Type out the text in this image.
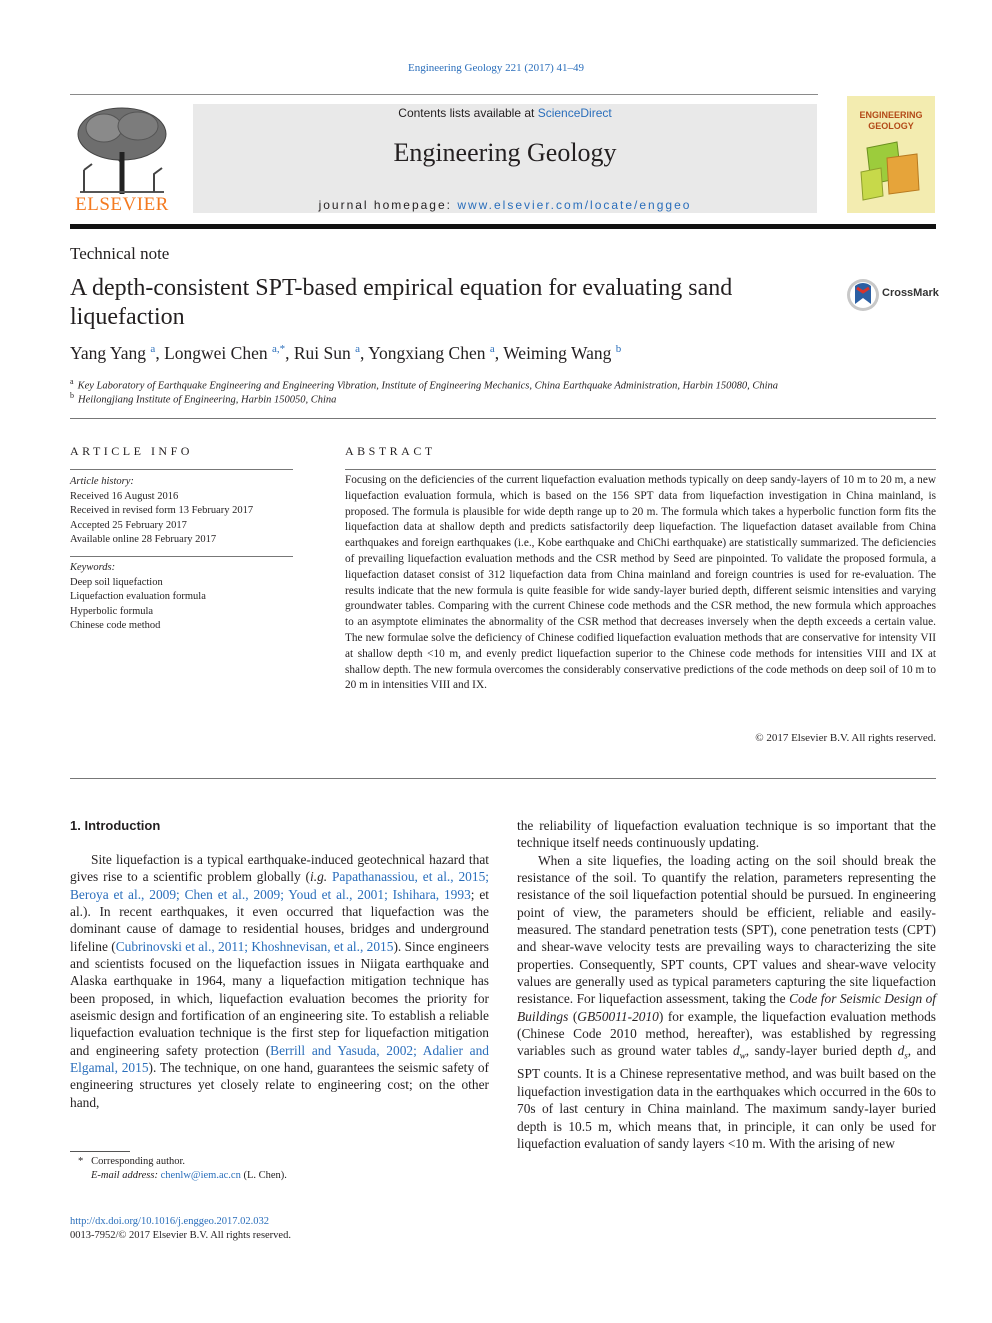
Engineering Geology 221 (2017) 41–49
ELSEVIER
Contents lists available at ScienceDirect
Engineering Geology
journal homepage: www.elsevier.com/locate/enggeo
ENGINEERING
GEOLOGY
Technical note
A depth-consistent SPT-based empirical equation for evaluating sand liquefaction
CrossMark
Yang Yang $^a$, Longwei Chen $^{a,*}$, Rui Sun $^a$, Yongxiang Chen $^a$, Weiming Wang $^b$
$^a$ Key Laboratory of Earthquake Engineering and Engineering Vibration, Institute of Engineering Mechanics, China Earthquake Administration, Harbin 150080, China
$^b$ Heilongjiang Institute of Engineering, Harbin 150050, China
ARTICLE INFO
Article history:
Received 16 August 2016
Received in revised form 13 February 2017
Accepted 25 February 2017
Available online 28 February 2017
Keywords:
Deep soil liquefaction
Liquefaction evaluation formula
Hyperbolic formula
Chinese code method
ABSTRACT
Focusing on the deficiencies of the current liquefaction evaluation methods typically on deep sandy-layers of 10 m to 20 m, a new liquefaction evaluation formula, which is based on the 156 SPT data from liquefaction investigation in China mainland, is proposed. The formula is plausible for wide depth range up to 20 m. The formula which takes a hyperbolic function form fits the liquefaction data at shallow depth and predicts satisfactorily deep liquefaction. The liquefaction dataset available from China earthquakes and foreign earthquakes (i.e., Kobe earthquake and ChiChi earthquake) are statistically summarized. The deficiencies of prevailing liquefaction evaluation methods and the CSR method by Seed are pinpointed. To validate the proposed formula, a liquefaction dataset consist of 312 liquefaction data from China mainland and foreign countries is used for re-evaluation. The results indicate that the new formula is quite feasible for wide sandy-layer buried depth, different seismic intensities and varying groundwater tables. Comparing with the current Chinese code methods and the CSR method, the new formula which approaches to an asymptote eliminates the abnormality of the CSR method that decreases inversely when the depth exceeds a certain value. The new formulae solve the deficiency of Chinese codified liquefaction evaluation methods that are conservative for intensity VII at shallow depth <10 m, and evenly predict liquefaction superior to the Chinese code methods for intensities VIII and IX at shallow depth. The new formula overcomes the considerably conservative predictions of the code methods on deep soil of 10 m to 20 m in intensities VIII and IX.
© 2017 Elsevier B.V. All rights reserved.
1. Introduction

Site liquefaction is a typical earthquake-induced geotechnical hazard that gives rise to a scientific problem globally (i.g. Papathanassiou, et al., 2015; Beroya et al., 2009; Chen et al., 2009; Youd et al., 2001; Ishihara, 1993; et al.). In recent earthquakes, it even occurred that liquefaction was the dominant cause of damage to residential houses, bridges and underground lifeline (Cubrinovski et al., 2011; Khoshnevisan, et al., 2015). Since engineers and scientists focused on the liquefaction issues in Niigata earthquake and Alaska earthquake in 1964, many a liquefaction mitigation technique has been proposed, in which, liquefaction evaluation becomes the priority for aseismic design and fortification of an engineering site. To establish a reliable liquefaction evaluation technique is the first step for liquefaction mitigation and engineering safety protection (Berrill and Yasuda, 2002; Adalier and Elgamal, 2015). The technique, on one hand, guarantees the seismic safety of engineering structures yet closely relate to engineering cost; on the other hand,

the reliability of liquefaction evaluation technique is so important that the technique itself needs continuously updating.

When a site liquefies, the loading acting on the soil should break the resistance of the soil. To quantify the relation, parameters representing the resistance of the soil liquefaction potential should be pursued. In engineering point of view, the parameters should be efficient, reliable and easily-measured. The standard penetration tests (SPT), cone penetration tests (CPT) and shear-wave velocity tests are prevailing ways to characterizing the site properties. Consequently, SPT counts, CPT values and shear-wave velocity values are generally used as typical parameters capturing the site liquefaction resistance. For liquefaction assessment, taking the Code for Seismic Design of Buildings (GB50011-2010) for example, the liquefaction evaluation methods (Chinese Code 2010 method, hereafter), was established by regressing variables such as ground water tables $d_w$, sandy-layer buried depth $d_s$, and SPT counts. It is a Chinese representative method, and was built based on the liquefaction investigation data in the earthquakes which occurred in the 60s to 70s of last century in China mainland. The maximum sandy-layer buried depth is 10.5 m, which means that, in principle, it can only be used for liquefaction evaluation of sandy layers <10 m. With the arising of new

* Corresponding author.
E-mail address: chenlw@iem.ac.cn (L. Chen).
http://dx.doi.org/10.1016/j.enggeo.2017.02.032
0013-7952/© 2017 Elsevier B.V. All rights reserved.
